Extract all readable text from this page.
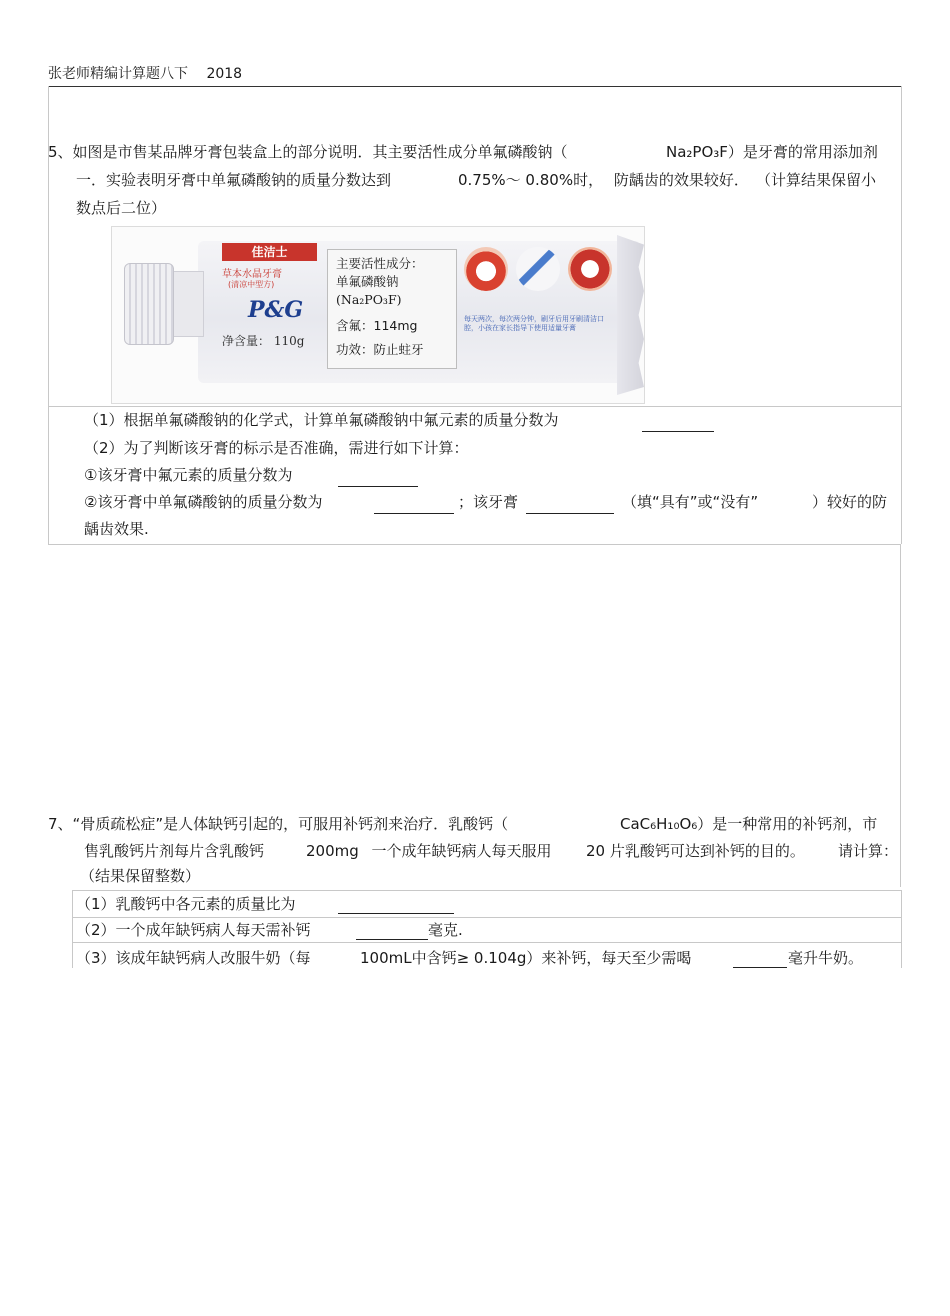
张老师精编计算题八下 2018
5、如图是市售某品牌牙膏包装盒上的部分说明．其主要活性成分单氟磷酸钠（	Na₂PO₃F）是牙膏的常用添加剂
一．实验表明牙膏中单氟磷酸钠的质量分数达到	0.75%～ 0.80%时， 防龋齿的效果较好． （计算结果保留小
数点后二位）
佳洁士
草本水晶牙膏
(清凉中型方)
P&G
净含量： 110g
主要活性成分：
单氟磷酸钠
(Na₂PO₃F)
含氟：114mg
功效：防止蛀牙
每天两次，每次两分钟，刷牙后用牙刷清洁口腔，小孩在家长指导下使用适量牙膏
（1）根据单氟磷酸钠的化学式，计算单氟磷酸钠中氟元素的质量分数为
（2）为了判断该牙膏的标示是否准确，需进行如下计算：
①该牙膏中氟元素的质量分数为
②该牙膏中单氟磷酸钠的质量分数为	；该牙膏	（填“具有”或“没有”	）较好的防
龋齿效果.
7、“骨质疏松症”是人体缺钙引起的，可服用补钙剂来治疗．乳酸钙（	CaC₆H₁₀O₆）是一种常用的补钙剂，市
售乳酸钙片剂每片含乳酸钙	200mg 一个成年缺钙病人每天服用 20 片乳酸钙可达到补钙的目的。 请计算：
（结果保留整数）
（1）乳酸钙中各元素的质量比为
（2）一个成年缺钙病人每天需补钙	毫克.
（3）该成年缺钙病人改服牛奶（每	100mL中含钙≥ 0.104g）来补钙，每天至少需喝	毫升牛奶。
